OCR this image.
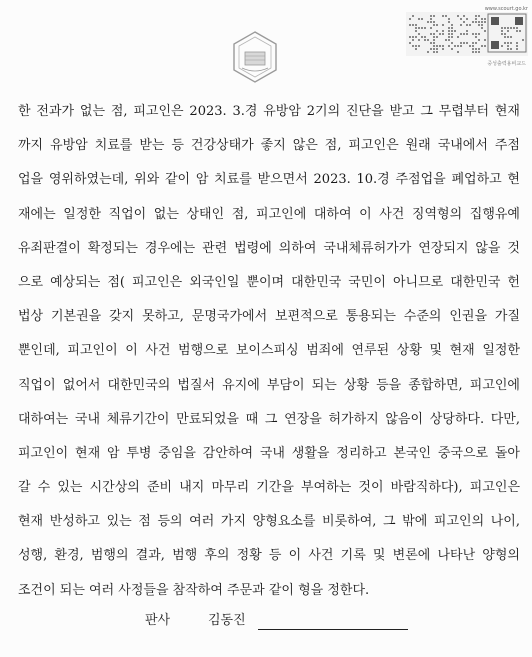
www.scourt.go.kr
중성출력용비교드
한 전과가 없는 점, 피고인은 2023. 3.경 유방암 2기의 진단을 받고 그 무렵부터 현재
까지 유방암 치료를 받는 등 건강상태가 좋지 않은 점, 피고인은 원래 국내에서 주점
업을 영위하였는데, 위와 같이 암 치료를 받으면서 2023. 10.경 주점업을 폐업하고 현
재에는 일정한 직업이 없는 상태인 점, 피고인에 대하여 이 사건 징역형의 집행유예
유죄판결이 확정되는 경우에는 관련 법령에 의하여 국내체류허가가 연장되지 않을 것
으로 예상되는 점( 피고인은 외국인일 뿐이며 대한민국 국민이 아니므로 대한민국 헌
법상 기본권을 갖지 못하고, 문명국가에서 보편적으로 통용되는 수준의 인권을 가질
뿐인데, 피고인이 이 사건 범행으로 보이스피싱 범죄에 연루된 상황 및 현재 일정한
직업이 없어서 대한민국의 법질서 유지에 부담이 되는 상황 등을 종합하면, 피고인에
대하여는 국내 체류기간이 만료되었을 때 그 연장을 허가하지 않음이 상당하다. 다만,
피고인이 현재 암 투병 중임을 감안하여 국내 생활을 정리하고 본국인 중국으로 돌아
갈 수 있는 시간상의 준비 내지 마무리 기간을 부여하는 것이 바람직하다), 피고인은
현재 반성하고 있는 점 등의 여러 가지 양형요소를 비롯하여, 그 밖에 피고인의 나이,
성행, 환경, 범행의 결과, 범행 후의 정황 등 이 사건 기록 및 변론에 나타난 양형의
조건이 되는 여러 사정들을 참작하여 주문과 같이 형을 정한다.
판사	김동진
